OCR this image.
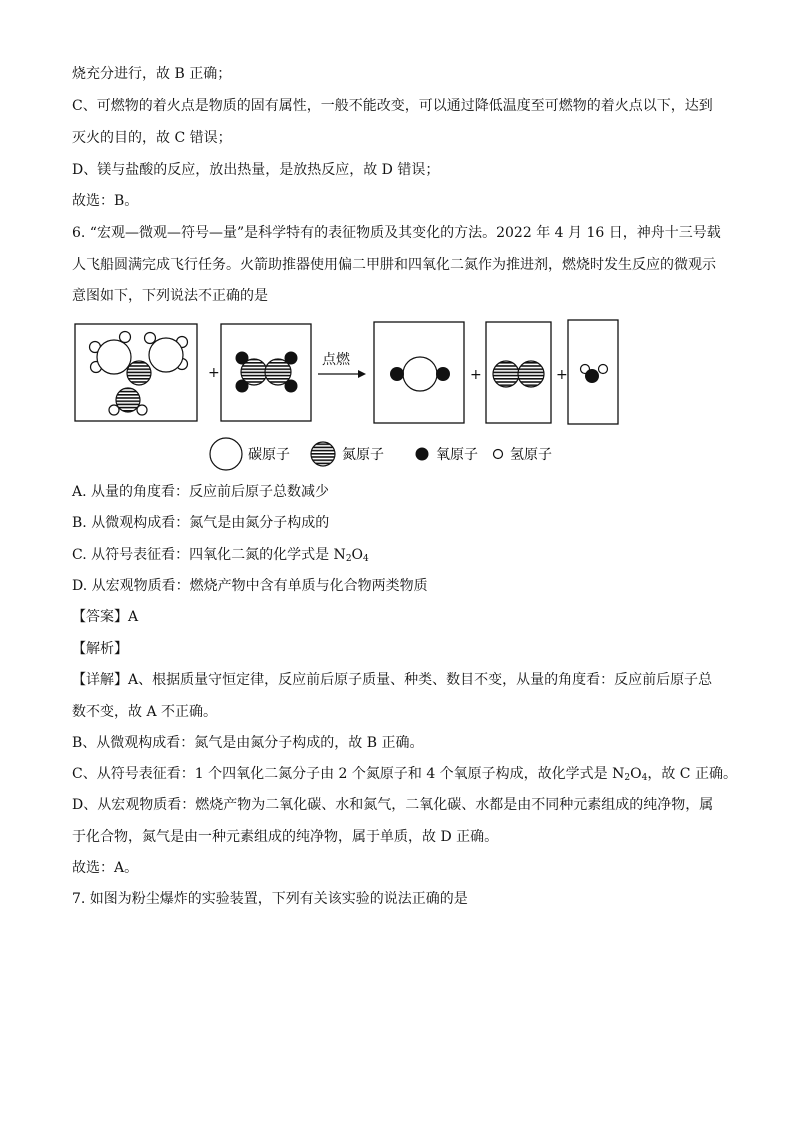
烧充分进行，故 B 正确；
C、可燃物的着火点是物质的固有属性，一般不能改变，可以通过降低温度至可燃物的着火点以下，达到
灭火的目的，故 C 错误；
D、镁与盐酸的反应，放出热量，是放热反应，故 D 错误；
故选：B。
6. “宏观—微观—符号—量”是科学特有的表征物质及其变化的方法。2022 年 4 月 16 日，神舟十三号载
人飞船圆满完成飞行任务。火箭助推器使用偏二甲肼和四氧化二氮作为推进剂，燃烧时发生反应的微观示
意图如下，下列说法不正确的是
+
点燃
+	+
碳原子	氮原子	氧原子 氢原子
A. 从量的角度看：反应前后原子总数减少
B. 从微观构成看：氮气是由氮分子构成的
C. 从符号表征看：四氧化二氮的化学式是 $N_2O_4$
D. 从宏观物质看：燃烧产物中含有单质与化合物两类物质
【答案】A
【解析】
【详解】A、根据质量守恒定律，反应前后原子质量、种类、数目不变，从量的角度看：反应前后原子总
数不变，故 A 不正确。
B、从微观构成看：氮气是由氮分子构成的，故 B 正确。
C、从符号表征看：1 个四氧化二氮分子由 2 个氮原子和 4 个氧原子构成，故化学式是 $N_2O_4$，故 C 正确。
D、从宏观物质看：燃烧产物为二氧化碳、水和氮气，二氧化碳、水都是由不同种元素组成的纯净物，属
于化合物，氮气是由一种元素组成的纯净物，属于单质，故 D 正确。
故选：A。
7. 如图为粉尘爆炸的实验装置，下列有关该实验的说法正确的是
